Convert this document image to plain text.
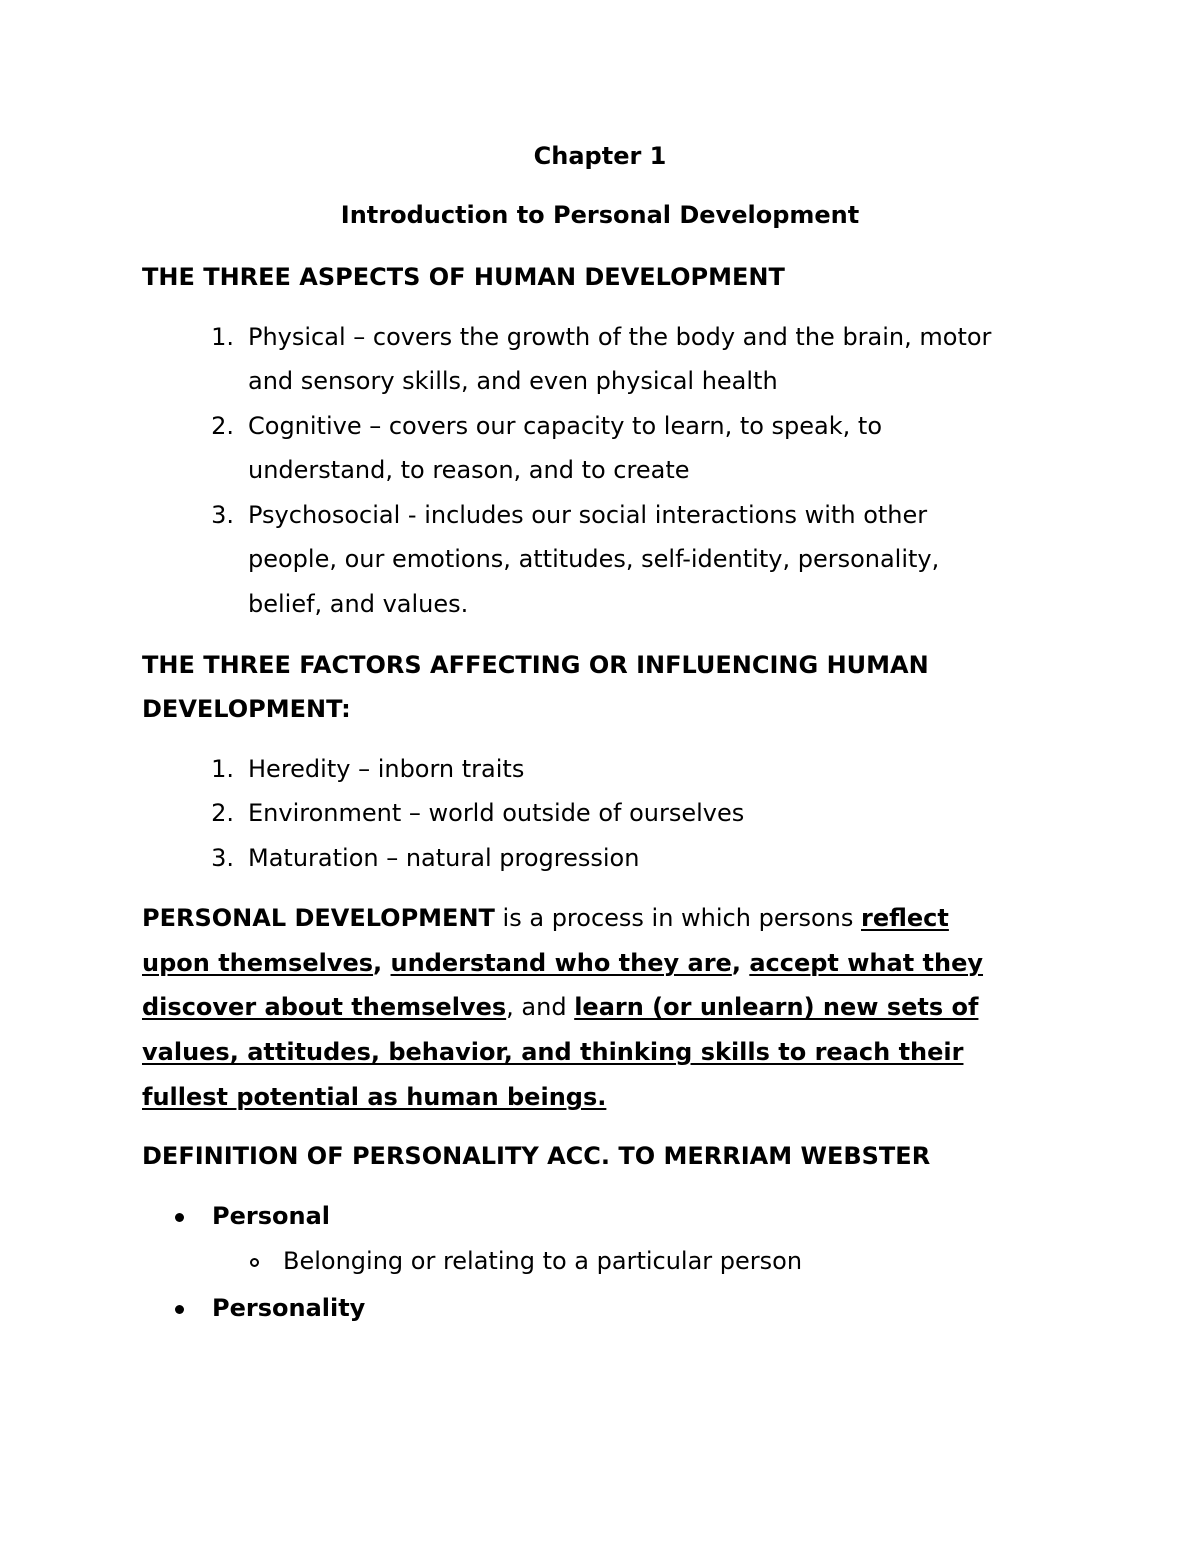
Chapter 1
Introduction to Personal Development
THE THREE ASPECTS OF HUMAN DEVELOPMENT
1. Physical – covers the growth of the body and the brain, motor
and sensory skills, and even physical health
2. Cognitive – covers our capacity to learn, to speak, to
understand, to reason, and to create
3. Psychosocial - includes our social interactions with other
people, our emotions, attitudes, self-identity, personality,
belief, and values.
THE THREE FACTORS AFFECTING OR INFLUENCING HUMAN
DEVELOPMENT:
1. Heredity – inborn traits
2. Environment – world outside of ourselves
3. Maturation – natural progression
PERSONAL DEVELOPMENT is a process in which persons reflect
upon themselves, understand who they are, accept what they
discover about themselves, and learn (or unlearn) new sets of
values, attitudes, behavior, and thinking skills to reach their
fullest potential as human beings.
DEFINITION OF PERSONALITY ACC. TO MERRIAM WEBSTER
Personal
Belonging or relating to a particular person
Personality
